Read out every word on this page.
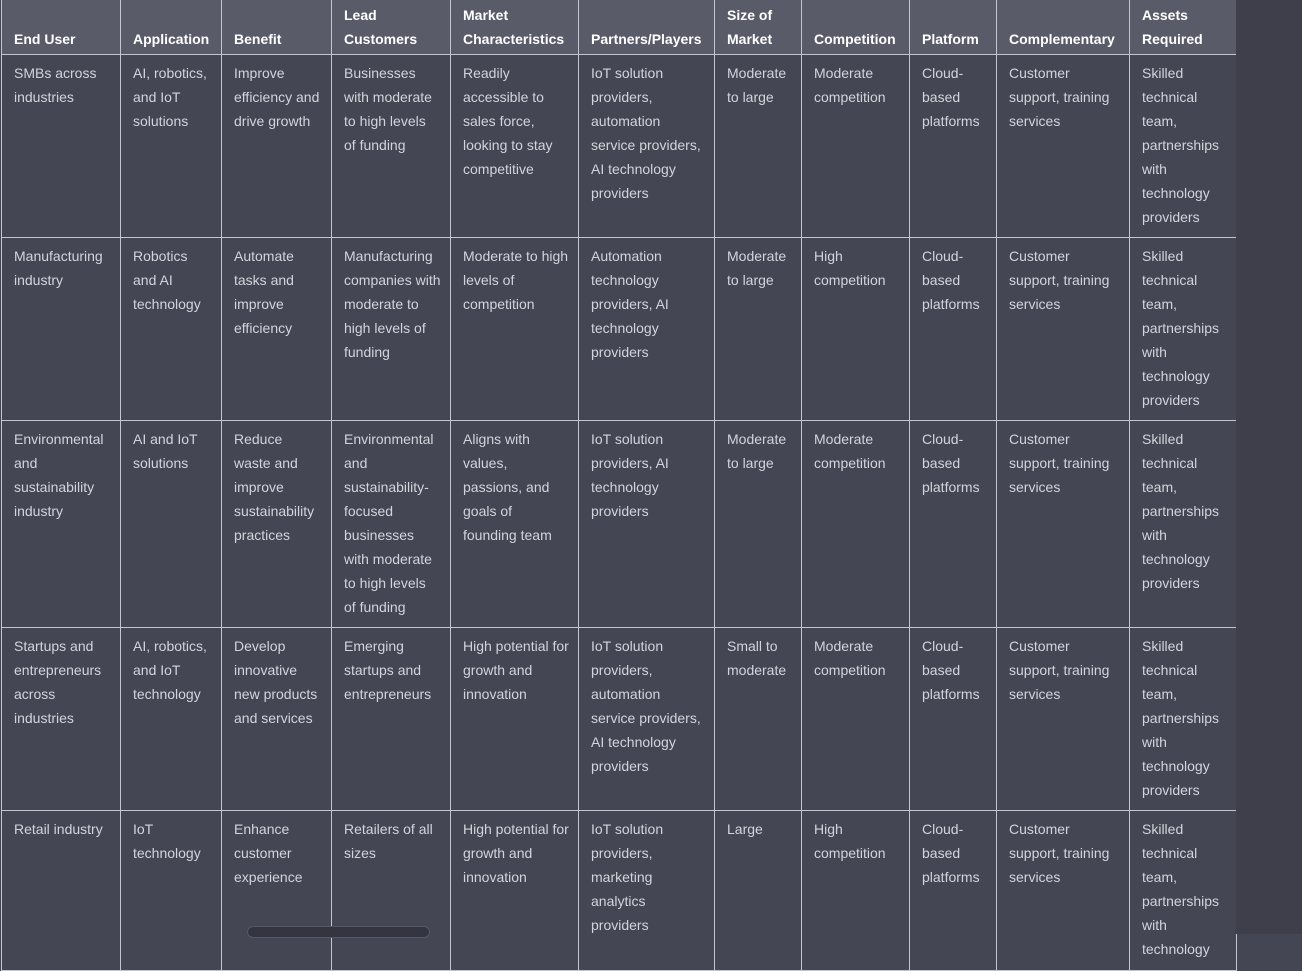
End User	Application	Benefit	Lead Customers	Market Characteristics	Partners/Players	Size of Market	Competition	Platform	Complementary	Assets Required
SMBs across industries	AI, robotics, and IoT solutions	Improve efficiency and drive growth	Businesses with moderate to high levels of funding	Readily accessible to sales force, looking to stay competitive	IoT solution providers, automation service providers, AI technology providers	Moderate to large	Moderate competition	Cloud-based platforms	Customer support, training services	Skilled technical team, partnerships with technology providers
Manufacturing industry	Robotics and AI technology	Automate tasks and improve efficiency	Manufacturing companies with moderate to high levels of funding	Moderate to high levels of competition	Automation technology providers, AI technology providers	Moderate to large	High competition	Cloud-based platforms	Customer support, training services	Skilled technical team, partnerships with technology providers
Environmental and sustainability industry	AI and IoT solutions	Reduce waste and improve sustainability practices	Environmental and sustainability-focused businesses with moderate to high levels of funding	Aligns with values, passions, and goals of founding team	IoT solution providers, AI technology providers	Moderate to large	Moderate competition	Cloud-based platforms	Customer support, training services	Skilled technical team, partnerships with technology providers
Startups and entrepreneurs across industries	AI, robotics, and IoT technology	Develop innovative new products and services	Emerging startups and entrepreneurs	High potential for growth and innovation	IoT solution providers, automation service providers, AI technology providers	Small to moderate	Moderate competition	Cloud-based platforms	Customer support, training services	Skilled technical team, partnerships with technology providers
Retail industry	IoT technology	Enhance customer experience	Retailers of all sizes	High potential for growth and innovation	IoT solution providers, marketing analytics providers	Large	High competition	Cloud-based platforms	Customer support, training services	Skilled technical team, partnerships with technology
